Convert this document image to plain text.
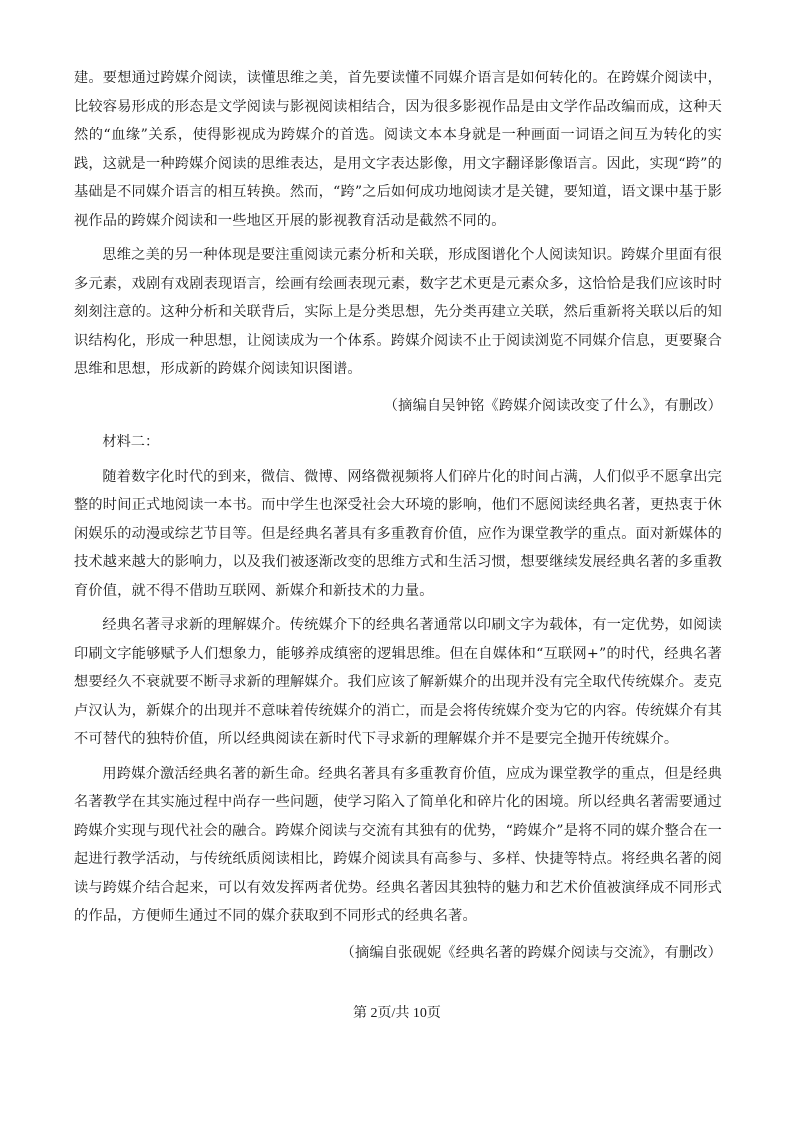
建。要想通过跨媒介阅读，读懂思维之美，首先要读懂不同媒介语言是如何转化的。在跨媒介阅读中，比较容易形成的形态是文学阅读与影视阅读相结合，因为很多影视作品是由文学作品改编而成，这种天然的“血缘”关系，使得影视成为跨媒介的首选。阅读文本本身就是一种画面一词语之间互为转化的实践，这就是一种跨媒介阅读的思维表达，是用文字表达影像，用文字翻译影像语言。因此，实现“跨”的基础是不同媒介语言的相互转换。然而，“跨”之后如何成功地阅读才是关键，要知道，语文课中基于影视作品的跨媒介阅读和一些地区开展的影视教育活动是截然不同的。

思维之美的另一种体现是要注重阅读元素分析和关联，形成图谱化个人阅读知识。跨媒介里面有很多元素，戏剧有戏剧表现语言，绘画有绘画表现元素，数字艺术更是元素众多，这恰恰是我们应该时时刻刻注意的。这种分析和关联背后，实际上是分类思想，先分类再建立关联，然后重新将关联以后的知识结构化，形成一种思想，让阅读成为一个体系。跨媒介阅读不止于阅读浏览不同媒介信息，更要聚合思维和思想，形成新的跨媒介阅读知识图谱。

（摘编自吴钟铭《跨媒介阅读改变了什么》，有删改）

材料二：

随着数字化时代的到来，微信、微博、网络微视频将人们碎片化的时间占满，人们似乎不愿拿出完整的时间正式地阅读一本书。而中学生也深受社会大环境的影响，他们不愿阅读经典名著，更热衷于休闲娱乐的动漫或综艺节目等。但是经典名著具有多重教育价值，应作为课堂教学的重点。面对新媒体的技术越来越大的影响力，以及我们被逐渐改变的思维方式和生活习惯，想要继续发展经典名著的多重教育价值，就不得不借助互联网、新媒介和新技术的力量。

经典名著寻求新的理解媒介。传统媒介下的经典名著通常以印刷文字为载体，有一定优势，如阅读印刷文字能够赋予人们想象力，能够养成缜密的逻辑思维。但在自媒体和“互联网+”的时代，经典名著想要经久不衰就要不断寻求新的理解媒介。我们应该了解新媒介的出现并没有完全取代传统媒介。麦克卢汉认为，新媒介的出现并不意味着传统媒介的消亡，而是会将传统媒介变为它的内容。传统媒介有其不可替代的独特价值，所以经典阅读在新时代下寻求新的理解媒介并不是要完全抛开传统媒介。

用跨媒介激活经典名著的新生命。经典名著具有多重教育价值，应成为课堂教学的重点，但是经典名著教学在其实施过程中尚存一些问题，使学习陷入了简单化和碎片化的困境。所以经典名著需要通过跨媒介实现与现代社会的融合。跨媒介阅读与交流有其独有的优势，“跨媒介”是将不同的媒介整合在一起进行教学活动，与传统纸质阅读相比，跨媒介阅读具有高参与、多样、快捷等特点。将经典名著的阅读与跨媒介结合起来，可以有效发挥两者优势。经典名著因其独特的魅力和艺术价值被演绎成不同形式的作品，方便师生通过不同的媒介获取到不同形式的经典名著。

（摘编自张砚妮《经典名著的跨媒介阅读与交流》，有删改）

第 2页/共 10页
